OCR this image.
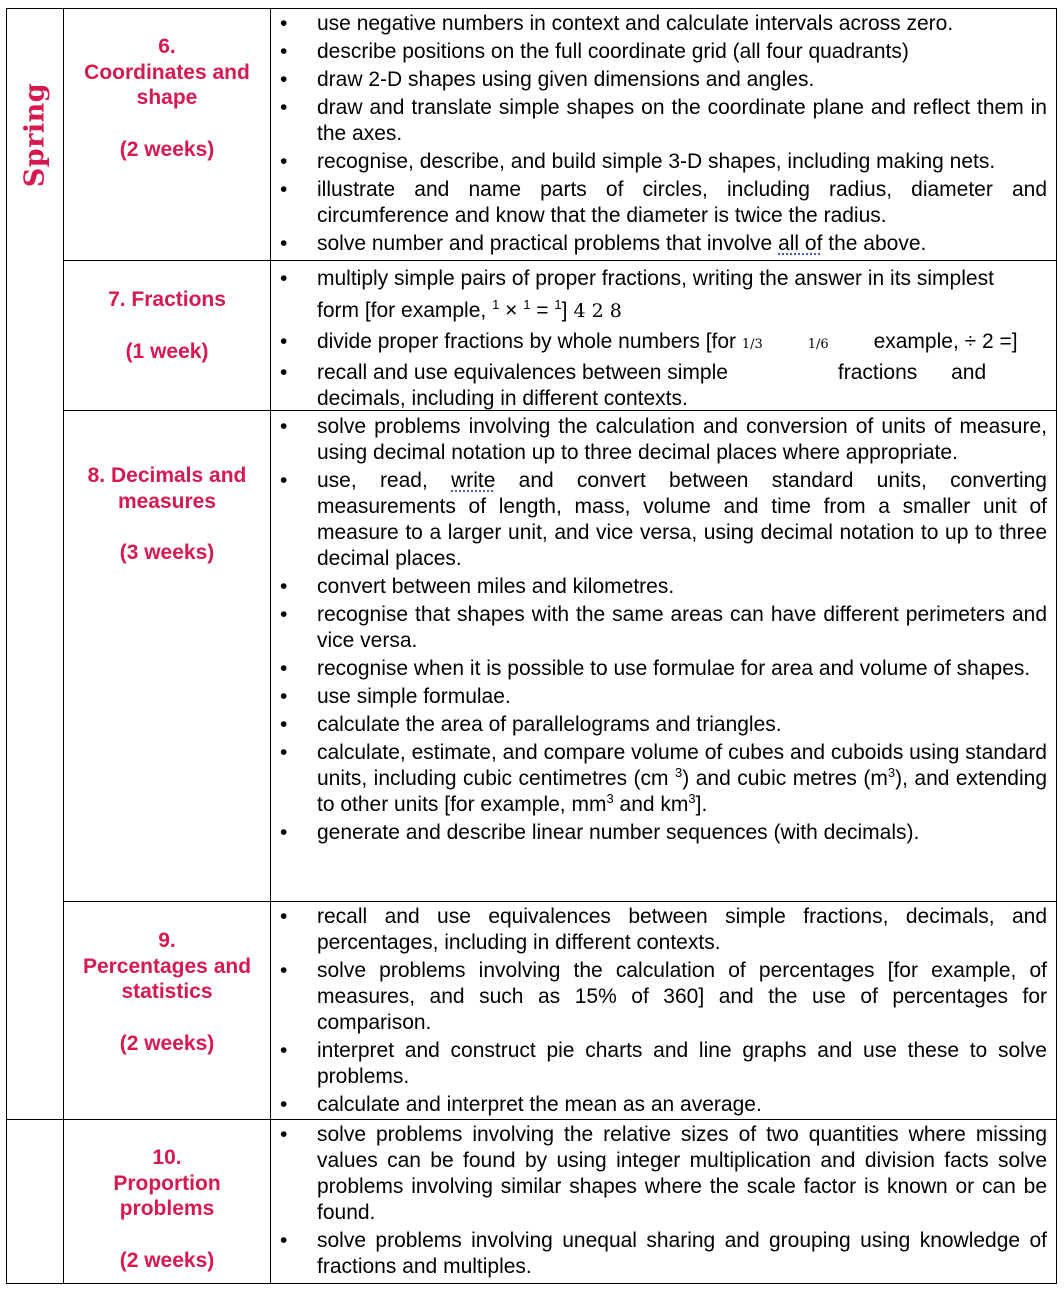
Spring
6.
Coordinates and
shape
(2 weeks)
• use negative numbers in context and calculate intervals across zero.
• describe positions on the full coordinate grid (all four quadrants)
• draw 2-D shapes using given dimensions and angles.
• draw and translate simple shapes on the coordinate plane and reflect them in the axes.
• recognise, describe, and build simple 3-D shapes, including making nets.
• illustrate and name parts of circles, including radius, diameter and circumference and know that the diameter is twice the radius.
• solve number and practical problems that involve all of the above.
7. Fractions
(1 week)
• multiply simple pairs of proper fractions, writing the answer in its simplest
form [for example, $^1$ × $^1$ = $^1$] 4 2 8
• divide proper fractions by whole numbers [for 1/3	1/6 example, ÷ 2 =]
• recall and use equivalences between simple	fractions and
decimals, including in different contexts.
8. Decimals and
measures
(3 weeks)
• solve problems involving the calculation and conversion of units of measure, using decimal notation up to three decimal places where appropriate.
• use, read, write and convert between standard units, converting measurements of length, mass, volume and time from a smaller unit of measure to a larger unit, and vice versa, using decimal notation to up to three decimal places.
• convert between miles and kilometres.
• recognise that shapes with the same areas can have different perimeters and vice versa.
• recognise when it is possible to use formulae for area and volume of shapes.
• use simple formulae.
• calculate the area of parallelograms and triangles.
• calculate, estimate, and compare volume of cubes and cuboids using standard units, including cubic centimetres (cm $^3$) and cubic metres $(m^3)$, and extending to other units [for example, $mm^3$ and $km^3$].
• generate and describe linear number sequences (with decimals).
9.
Percentages and
statistics
(2 weeks)
• recall and use equivalences between simple fractions, decimals, and percentages, including in different contexts.
• solve problems involving the calculation of percentages [for example, of measures, and such as 15% of 360] and the use of percentages for comparison.
• interpret and construct pie charts and line graphs and use these to solve problems.
• calculate and interpret the mean as an average.
10.
Proportion
problems
(2 weeks)
• solve problems involving the relative sizes of two quantities where missing values can be found by using integer multiplication and division facts solve problems involving similar shapes where the scale factor is known or can be found.
• solve problems involving unequal sharing and grouping using knowledge of fractions and multiples.
